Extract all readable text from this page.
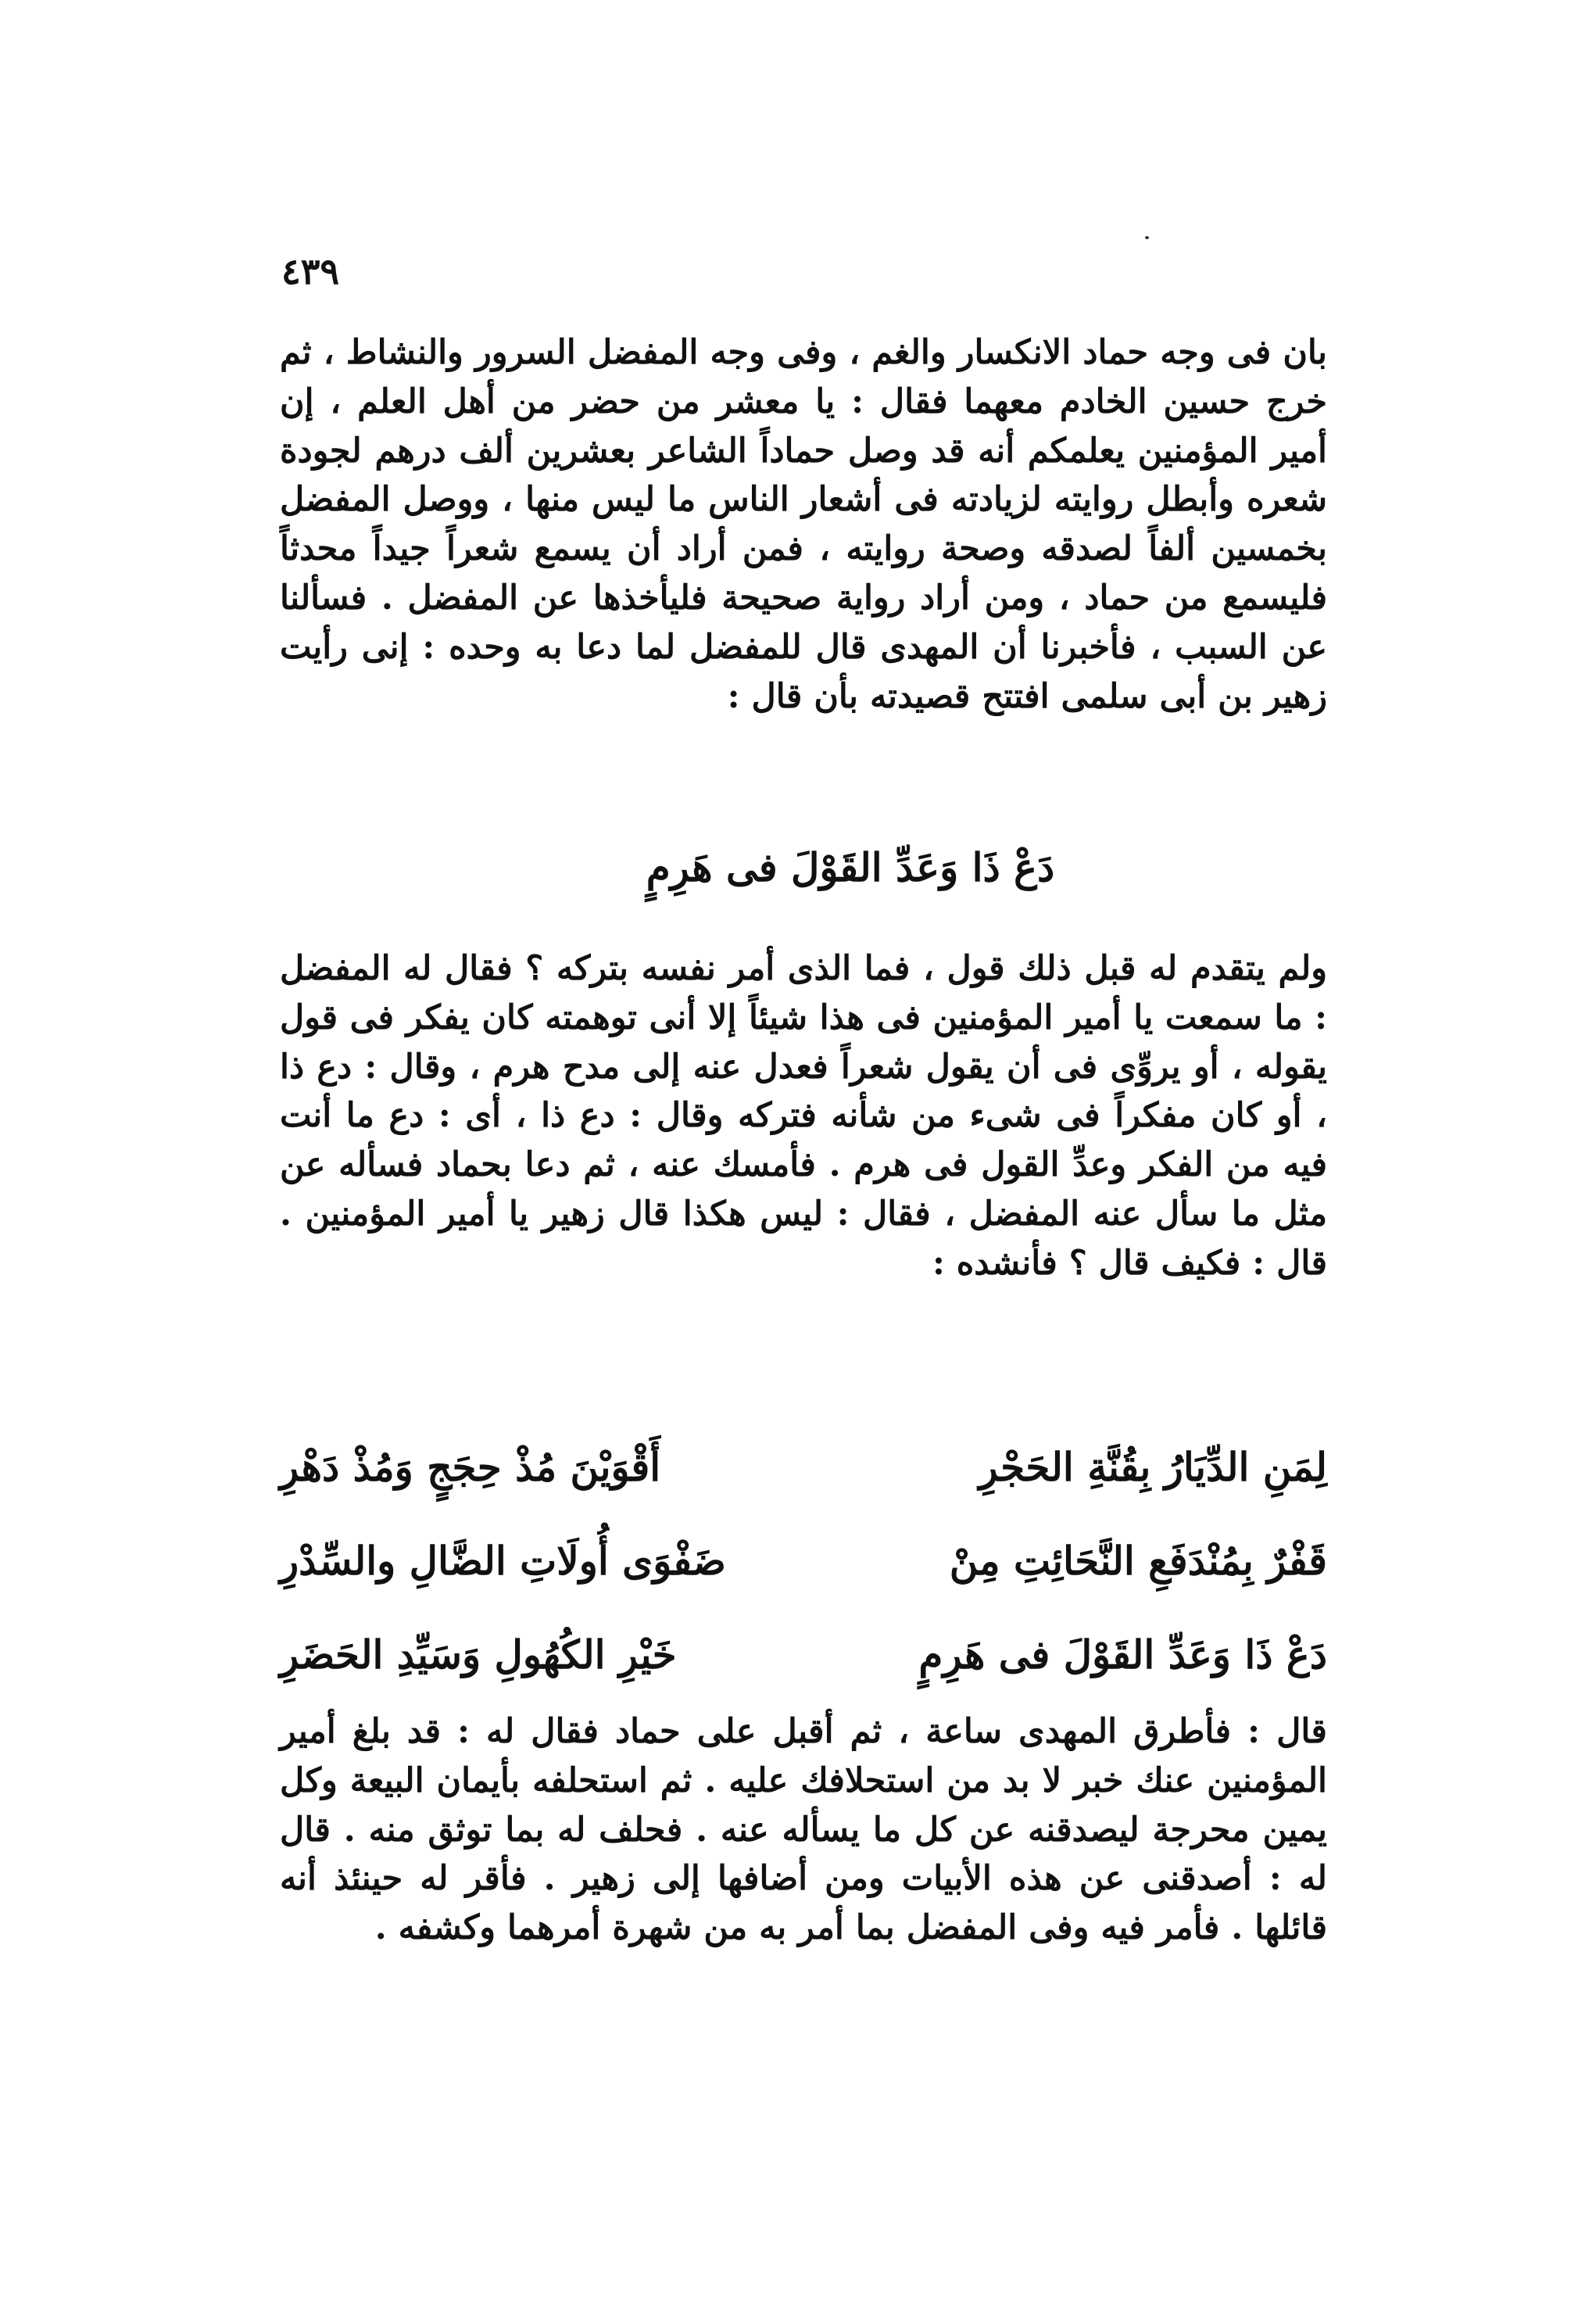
٤٣٩

بان فى وجه حماد الانكسار والغم ، وفى وجه المفضل السرور والنشاط ، ثم خرج حسين الخادم معهما فقال : يا معشر من حضر من أهل العلم ، إن أمير المؤمنين يعلمكم أنه قد وصل حماداً الشاعر بعشرين ألف درهم لجودة شعره وأبطل روايته لزيادته فى أشعار الناس ما ليس منها ، ووصل المفضل بخمسين ألفاً لصدقه وصحة روايته ، فمن أراد أن يسمع شعراً جيداً محدثاً فليسمع من حماد ، ومن أراد رواية صحيحة فليأخذها عن المفضل . فسألنا عن السبب ، فأخبرنا أن المهدى قال للمفضل لما دعا به وحده : إنى رأيت زهير بن أبى سلمى افتتح قصيدته بأن قال :

دَعْ ذَا وَعَدِّ القَوْلَ فى هَرِمٍ

ولم يتقدم له قبل ذلك قول ، فما الذى أمر نفسه بتركه ؟ فقال له المفضل : ما سمعت يا أمير المؤمنين فى هذا شيئاً إلا أنى توهمته كان يفكر فى قول يقوله ، أو يروِّى فى أن يقول شعراً فعدل عنه إلى مدح هرم ، وقال : دع ذا ، أو كان مفكراً فى شىء من شأنه فتركه وقال : دع ذا ، أى : دع ما أنت فيه من الفكر وعدِّ القول فى هرم . فأمسك عنه ، ثم دعا بحماد فسأله عن مثل ما سأل عنه المفضل ، فقال : ليس هكذا قال زهير يا أمير المؤمنين . قال : فكيف قال ؟ فأنشده :

لِمَنِ الدِّيَارُ بِقُنَّةِ الحَجْرِ
أَقْوَيْنَ مُذْ حِجَجٍ وَمُذْ دَهْرِ
قَفْرٌ بِمُنْدَفَعِ النَّحَائِتِ مِنْ
ضَفْوَى أُولَاتِ الضَّالِ والسِّدْرِ
دَعْ ذَا وَعَدِّ القَوْلَ فى هَرِمٍ
خَيْرِ الكُهُولِ وَسَيِّدِ الحَضَرِ

قال : فأطرق المهدى ساعة ، ثم أقبل على حماد فقال له : قد بلغ أمير المؤمنين عنك خبر لا بد من استحلافك عليه . ثم استحلفه بأيمان البيعة وكل يمين محرجة ليصدقنه عن كل ما يسأله عنه . فحلف له بما توثق منه . قال له : أصدقنى عن هذه الأبيات ومن أضافها إلى زهير . فأقر له حينئذ أنه قائلها . فأمر فيه وفى المفضل بما أمر به من شهرة أمرهما وكشفه .
